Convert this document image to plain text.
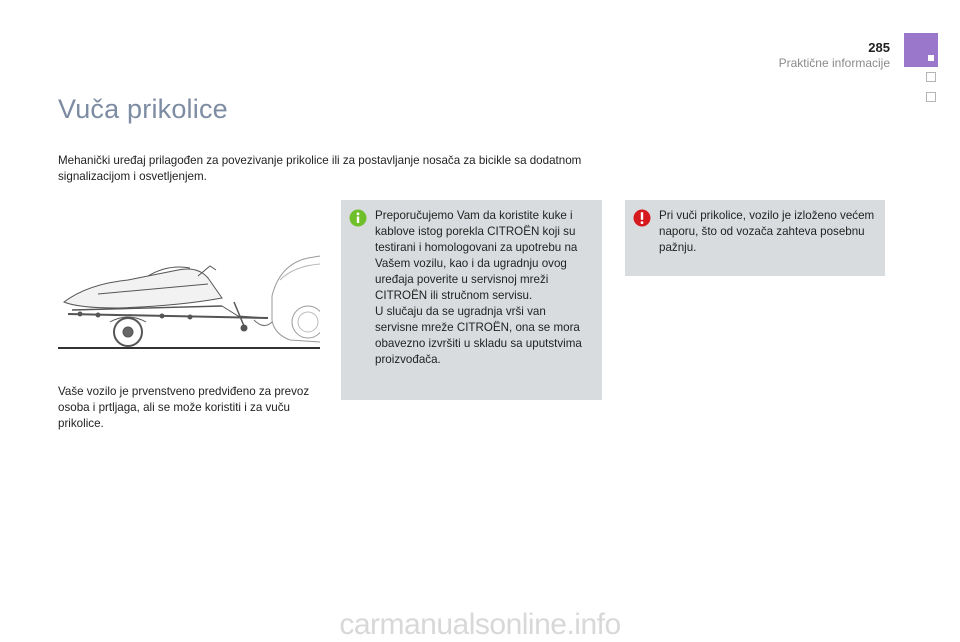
285
Praktične informacije
Vuča prikolice
Mehanički uređaj prilagođen za povezivanje prikolice ili za postavljanje nosača za bicikle sa dodatnom signalizacijom i osvetljenjem.
Vaše vozilo je prvenstveno predviđeno za prevoz osoba i prtljaga, ali se može koristiti i za vuču prikolice.
Preporučujemo Vam da koristite kuke i kablove istog porekla CITROËN koji su testirani i homologovani za upotrebu na Vašem vozilu, kao i da ugradnju ovog uređaja poverite u servisnoj mreži CITROËN ili stručnom servisu.
U slučaju da se ugradnja vrši van servisne mreže CITROËN, ona se mora obavezno izvršiti u skladu sa uputstvima proizvođača.
Pri vuči prikolice, vozilo je izloženo većem naporu, što od vozača zahteva posebnu pažnju.
carmanualsonline.info
